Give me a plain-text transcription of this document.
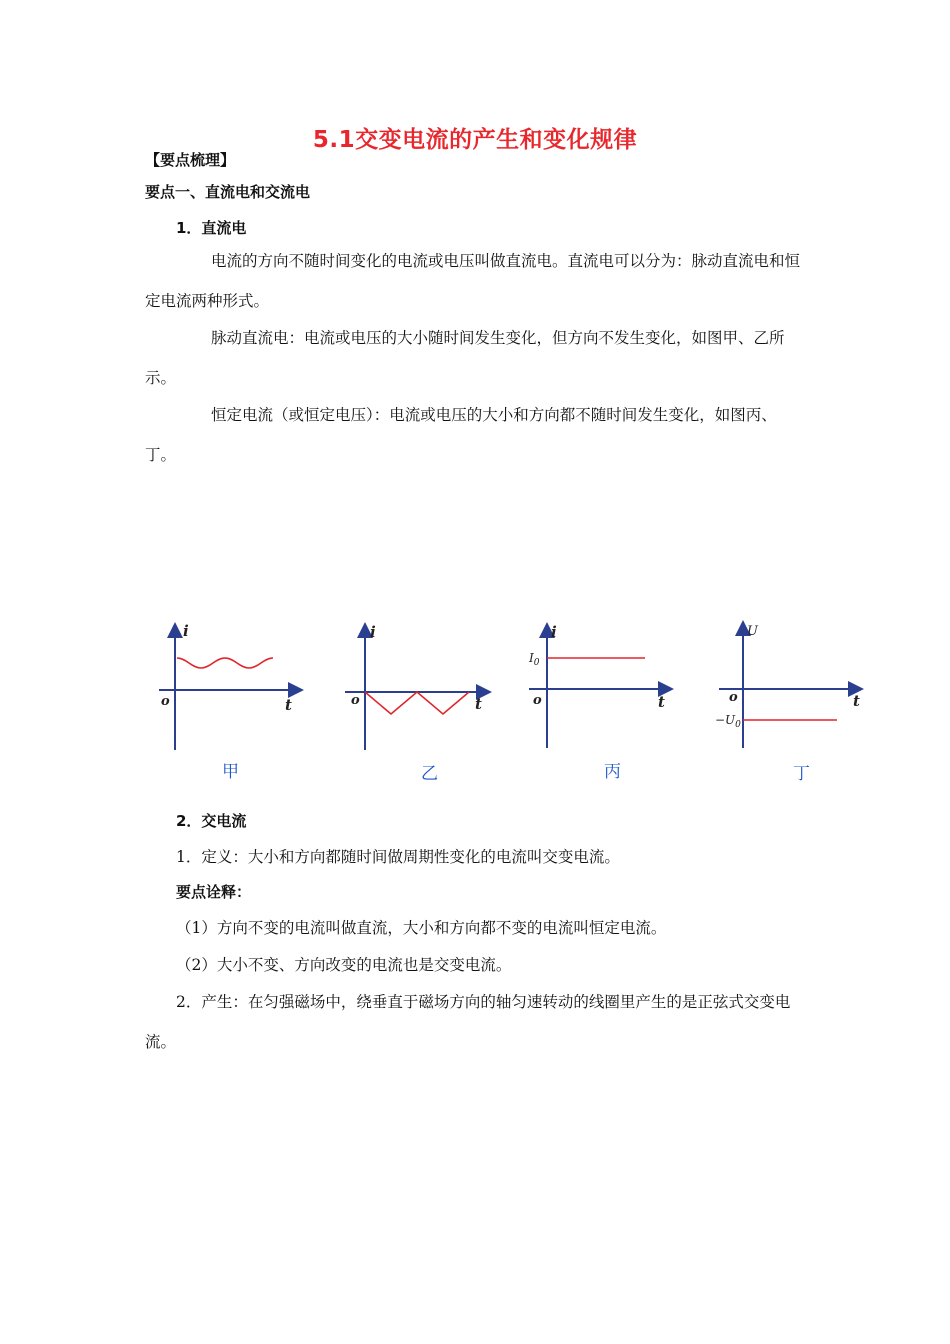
5.1交变电流的产生和变化规律
【要点梳理】
要点一、直流电和交流电
1．直流电
电流的方向不随时间变化的电流或电压叫做直流电。直流电可以分为：脉动直流电和恒定电流两种形式。
脉动直流电：电流或电压的大小随时间发生变化，但方向不发生变化，如图甲、乙所示。
恒定电流（或恒定电压）：电流或电压的大小和方向都不随时间发生变化，如图丙、丁。
i
t
o
i
t
o
i
t
o
$I_0$
U
t
o
$-U_0$
甲	乙	丙	丁
2．交电流
1．定义：大小和方向都随时间做周期性变化的电流叫交变电流。
要点诠释：
（1）方向不变的电流叫做直流，大小和方向都不变的电流叫恒定电流。
（2）大小不变、方向改变的电流也是交变电流。
2．产生：在匀强磁场中，绕垂直于磁场方向的轴匀速转动的线圈里产生的是正弦式交变电流。
